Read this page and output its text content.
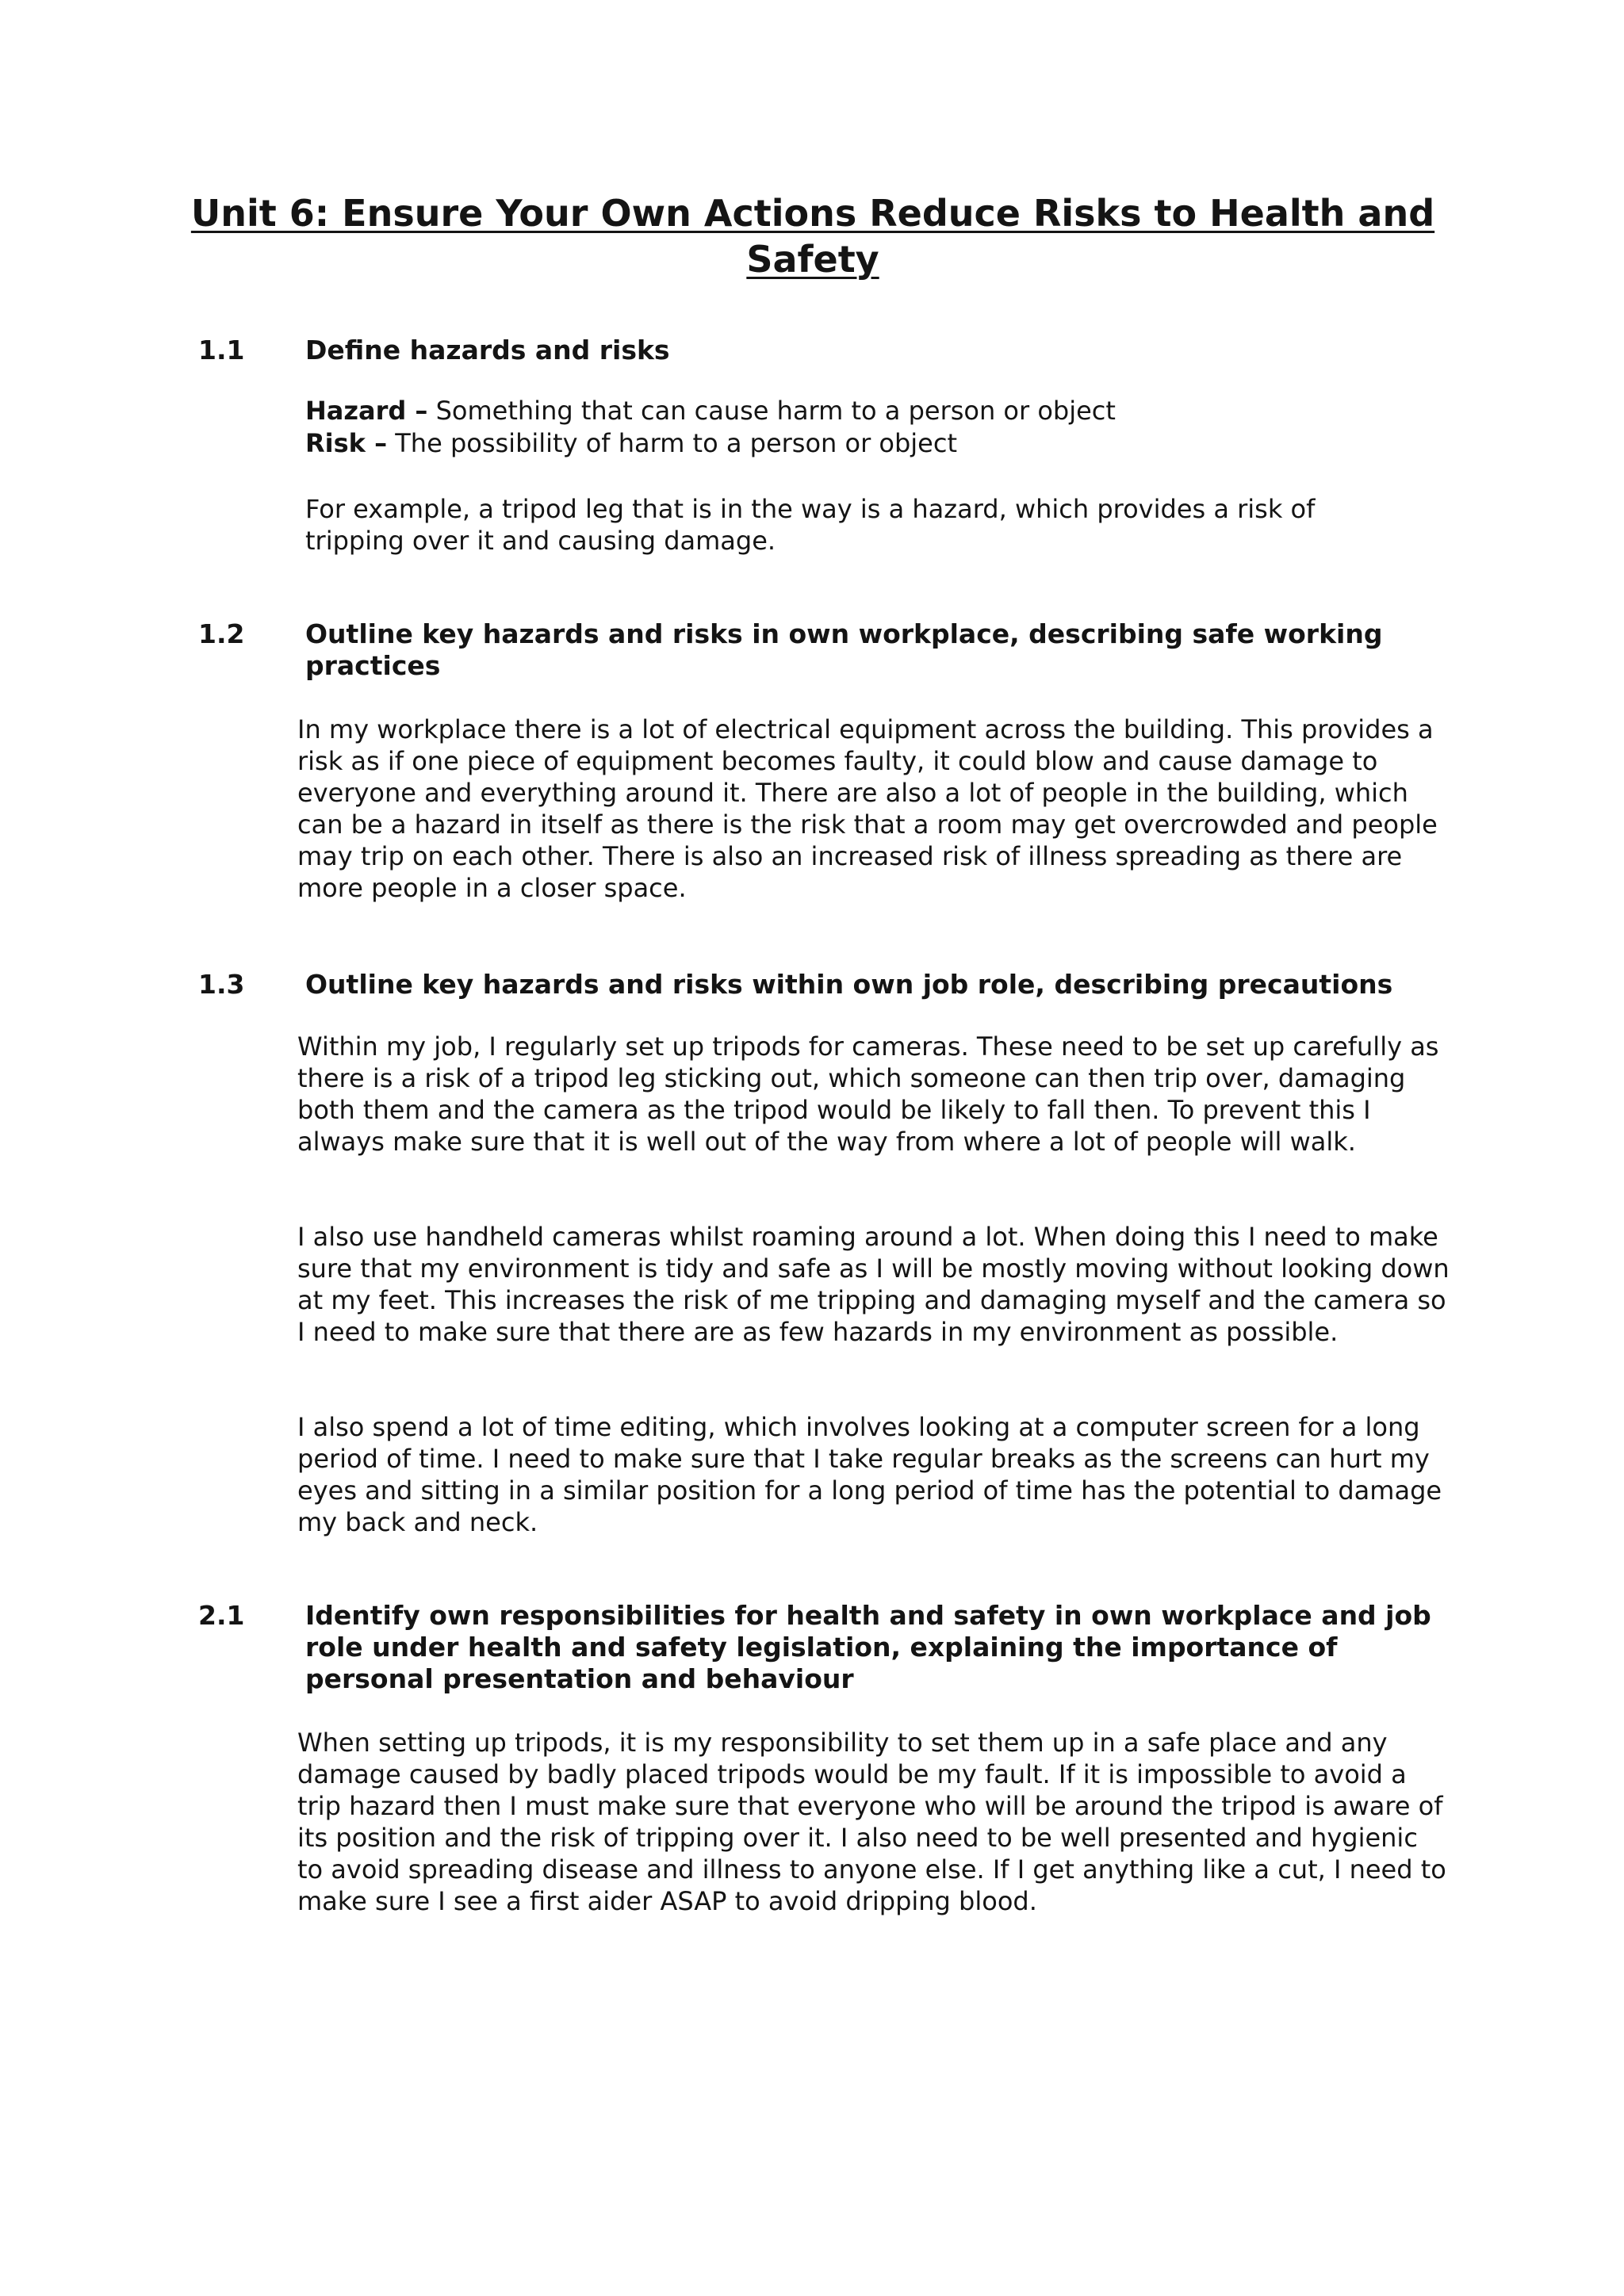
Unit 6: Ensure Your Own Actions Reduce Risks to Health and Safety
1.1 Define hazards and risks
Hazard – Something that can cause harm to a person or object
Risk – The possibility of harm to a person or object

For example, a tripod leg that is in the way is a hazard, which provides a risk of tripping over it and causing damage.

1.2 Outline key hazards and risks in own workplace, describing safe working practices

In my workplace there is a lot of electrical equipment across the building. This provides a risk as if one piece of equipment becomes faulty, it could blow and cause damage to everyone and everything around it. There are also a lot of people in the building, which can be a hazard in itself as there is the risk that a room may get overcrowded and people may trip on each other. There is also an increased risk of illness spreading as there are more people in a closer space.

1.3 Outline key hazards and risks within own job role, describing precautions

Within my job, I regularly set up tripods for cameras. These need to be set up carefully as there is a risk of a tripod leg sticking out, which someone can then trip over, damaging both them and the camera as the tripod would be likely to fall then. To prevent this I always make sure that it is well out of the way from where a lot of people will walk.

I also use handheld cameras whilst roaming around a lot. When doing this I need to make sure that my environment is tidy and safe as I will be mostly moving without looking down at my feet. This increases the risk of me tripping and damaging myself and the camera so I need to make sure that there are as few hazards in my environment as possible.

I also spend a lot of time editing, which involves looking at a computer screen for a long period of time. I need to make sure that I take regular breaks as the screens can hurt my eyes and sitting in a similar position for a long period of time has the potential to damage my back and neck.

2.1 Identify own responsibilities for health and safety in own workplace and job role under health and safety legislation, explaining the importance of personal presentation and behaviour

When setting up tripods, it is my responsibility to set them up in a safe place and any damage caused by badly placed tripods would be my fault. If it is impossible to avoid a trip hazard then I must make sure that everyone who will be around the tripod is aware of its position and the risk of tripping over it. I also need to be well presented and hygienic to avoid spreading disease and illness to anyone else. If I get anything like a cut, I need to make sure I see a first aider ASAP to avoid dripping blood.
